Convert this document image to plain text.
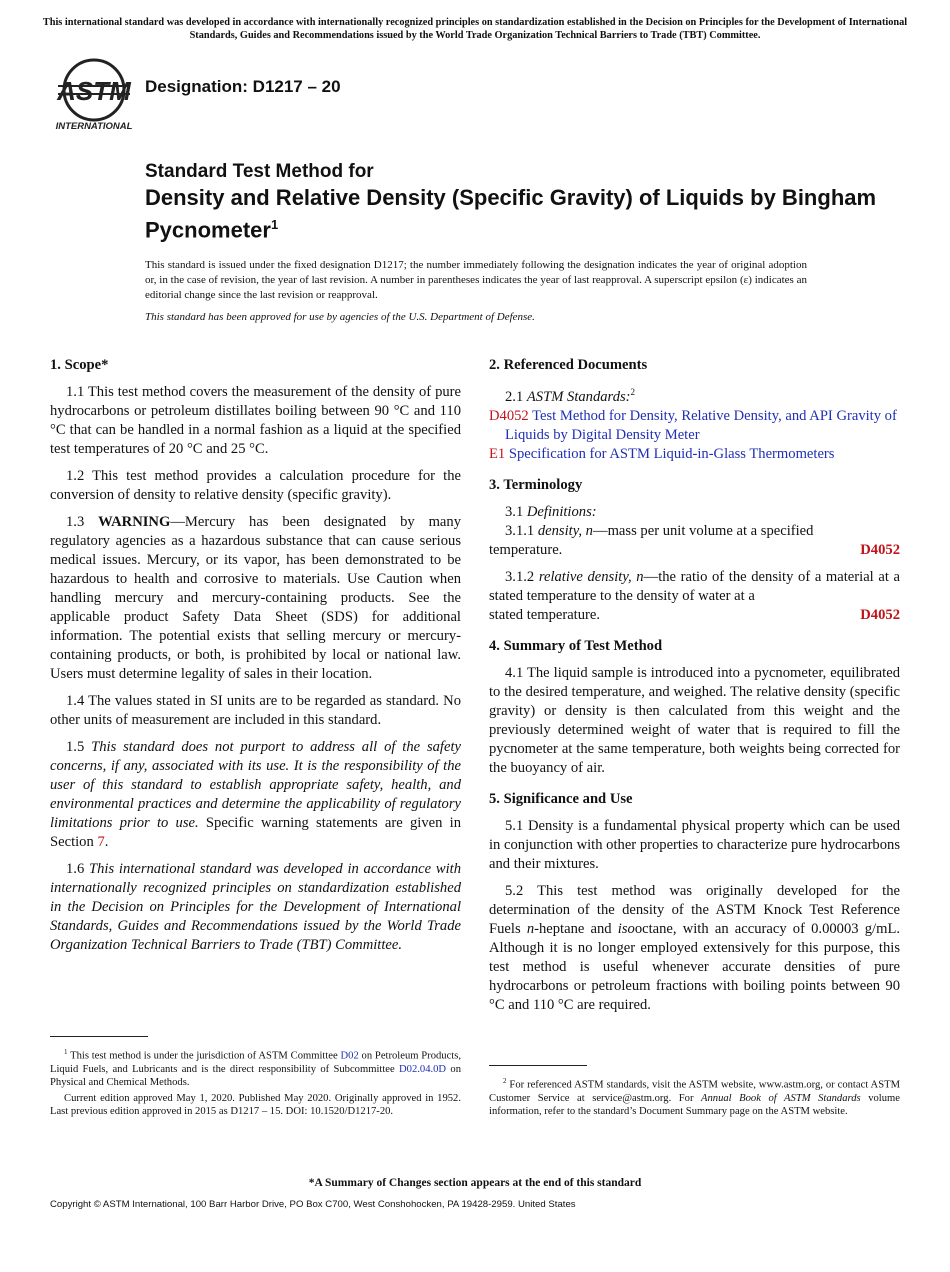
This international standard was developed in accordance with internationally recognized principles on standardization established in the Decision on Principles for the Development of International Standards, Guides and Recommendations issued by the World Trade Organization Technical Barriers to Trade (TBT) Committee.
ASTM
INTERNATIONAL
Designation: D1217 – 20
Standard Test Method for
Density and Relative Density (Specific Gravity) of Liquids by Bingham Pycnometer$^1$
This standard is issued under the fixed designation D1217; the number immediately following the designation indicates the year of original adoption or, in the case of revision, the year of last revision. A number in parentheses indicates the year of last reapproval. A superscript epsilon (ε) indicates an editorial change since the last revision or reapproval.
This standard has been approved for use by agencies of the U.S. Department of Defense.
1. Scope*

1.1 This test method covers the measurement of the density of pure hydrocarbons or petroleum distillates boiling between 90 °C and 110 °C that can be handled in a normal fashion as a liquid at the specified test temperatures of 20 °C and 25 °C.

1.2 This test method provides a calculation procedure for the conversion of density to relative density (specific gravity).

1.3 WARNING—Mercury has been designated by many regulatory agencies as a hazardous substance that can cause serious medical issues. Mercury, or its vapor, has been demonstrated to be hazardous to health and corrosive to materials. Use Caution when handling mercury and mercury-containing products. See the applicable product Safety Data Sheet (SDS) for additional information. The potential exists that selling mercury or mercury-containing products, or both, is prohibited by local or national law. Users must determine legality of sales in their location.

1.4 The values stated in SI units are to be regarded as standard. No other units of measurement are included in this standard.

1.5 This standard does not purport to address all of the safety concerns, if any, associated with its use. It is the responsibility of the user of this standard to establish appropriate safety, health, and environmental practices and determine the applicability of regulatory limitations prior to use. Specific warning statements are given in Section 7.

1.6 This international standard was developed in accordance with internationally recognized principles on standardization established in the Decision on Principles for the Development of International Standards, Guides and Recommendations issued by the World Trade Organization Technical Barriers to Trade (TBT) Committee.

2. Referenced Documents

2.1 ASTM Standards:$^2$

D4052 Test Method for Density, Relative Density, and API Gravity of Liquids by Digital Density Meter
E1 Specification for ASTM Liquid-in-Glass Thermometers
3. Terminology

3.1 Definitions:

3.1.1 density, n—mass per unit volume at a specified

temperature.	D4052

3.1.2 relative density, n—the ratio of the density of a material at a stated temperature to the density of water at a

stated temperature.	D4052
4. Summary of Test Method

4.1 The liquid sample is introduced into a pycnometer, equilibrated to the desired temperature, and weighed. The relative density (specific gravity) or density is then calculated from this weight and the previously determined weight of water that is required to fill the pycnometer at the same temperature, both weights being corrected for the buoyancy of air.

5. Significance and Use

5.1 Density is a fundamental physical property which can be used in conjunction with other properties to characterize pure hydrocarbons and their mixtures.

5.2 This test method was originally developed for the determination of the density of the ASTM Knock Test Reference Fuels n-heptane and isooctane, with an accuracy of 0.00003 g/mL. Although it is no longer employed extensively for this purpose, this test method is useful whenever accurate densities of pure hydrocarbons or petroleum fractions with boiling points between 90 °C and 110 °C are required.

$^1$ This test method is under the jurisdiction of ASTM Committee D02 on Petroleum Products, Liquid Fuels, and Lubricants and is the direct responsibility of Subcommittee D02.04.0D on Physical and Chemical Methods.

Current edition approved May 1, 2020. Published May 2020. Originally approved in 1952. Last previous edition approved in 2015 as D1217 – 15. DOI: 10.1520/D1217-20.

$^2$ For referenced ASTM standards, visit the ASTM website, www.astm.org, or contact ASTM Customer Service at service@astm.org. For Annual Book of ASTM Standards volume information, refer to the standard’s Document Summary page on the ASTM website.

*A Summary of Changes section appears at the end of this standard
Copyright © ASTM International, 100 Barr Harbor Drive, PO Box C700, West Conshohocken, PA 19428-2959. United States
